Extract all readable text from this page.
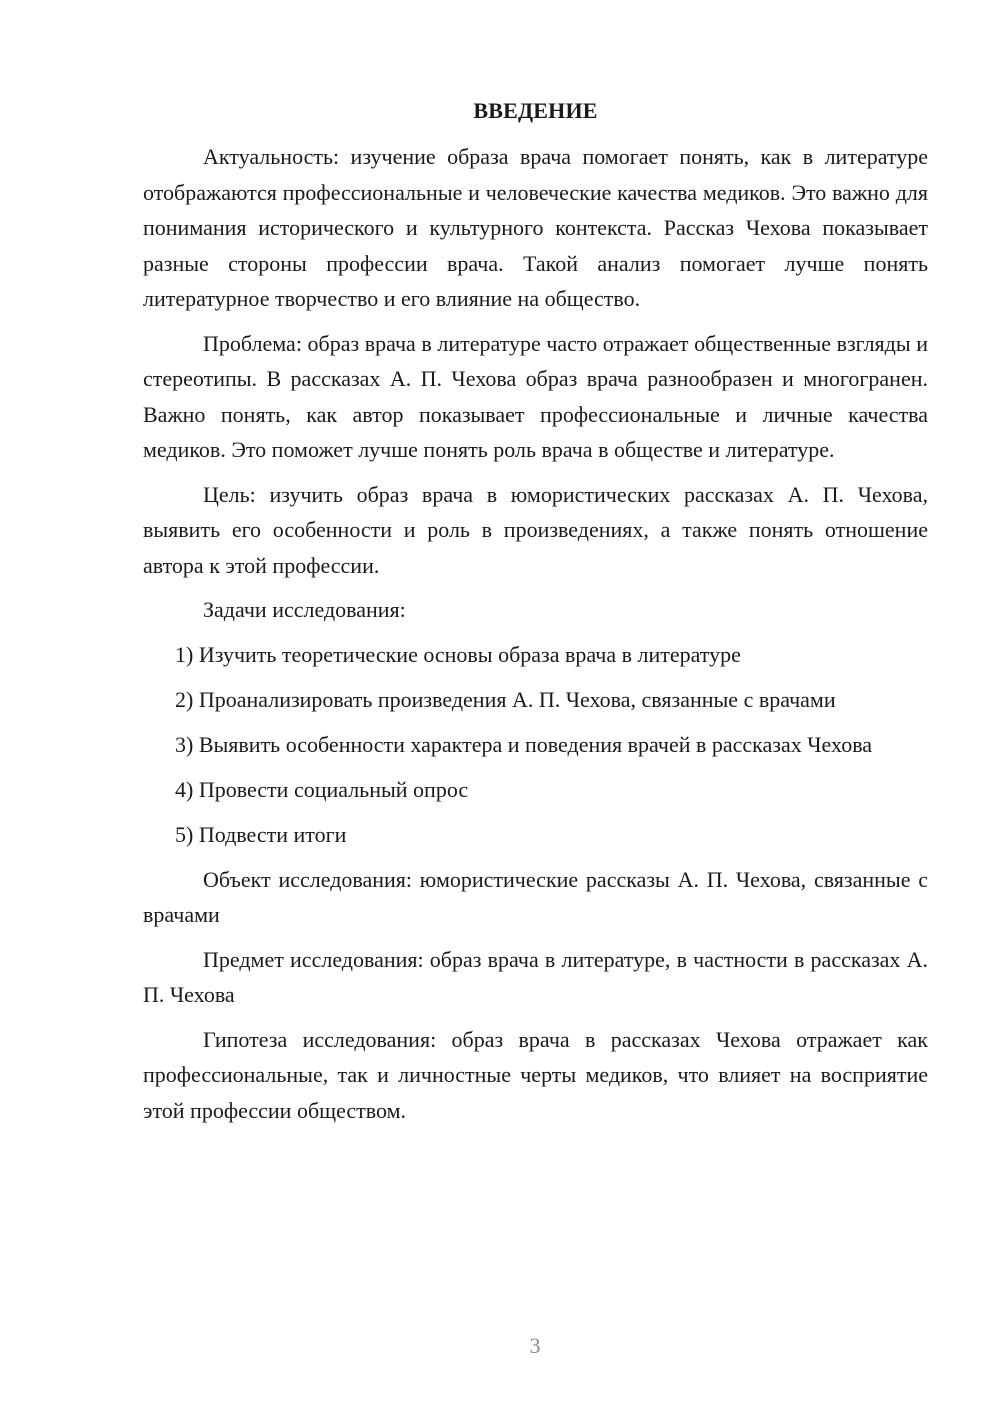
ВВЕДЕНИЕ

Актуальность: изучение образа врача помогает понять, как в литературе отображаются профессиональные и человеческие качества медиков. Это важно для понимания исторического и культурного контекста. Рассказ Чехова показывает разные стороны профессии врача. Такой анализ помогает лучше понять литературное творчество и его влияние на общество.

Проблема: образ врача в литературе часто отражает общественные взгляды и стереотипы. В рассказах А. П. Чехова образ врача разнообразен и многогранен. Важно понять, как автор показывает профессиональные и личные качества медиков. Это поможет лучше понять роль врача в обществе и литературе.

Цель: изучить образ врача в юмористических рассказах А. П. Чехова, выявить его особенности и роль в произведениях, а также понять отношение автора к этой профессии.

Задачи исследования:

1) Изучить теоретические основы образа врача в литературе

2) Проанализировать произведения А. П. Чехова, связанные с врачами

3) Выявить особенности характера и поведения врачей в рассказах Чехова

4) Провести социальный опрос

5) Подвести итоги

Объект исследования: юмористические рассказы А. П. Чехова, связанные с врачами

Предмет исследования: образ врача в литературе, в частности в рассказах А. П. Чехова

Гипотеза исследования: образ врача в рассказах Чехова отражает как профессиональные, так и личностные черты медиков, что влияет на восприятие этой профессии обществом.

3
